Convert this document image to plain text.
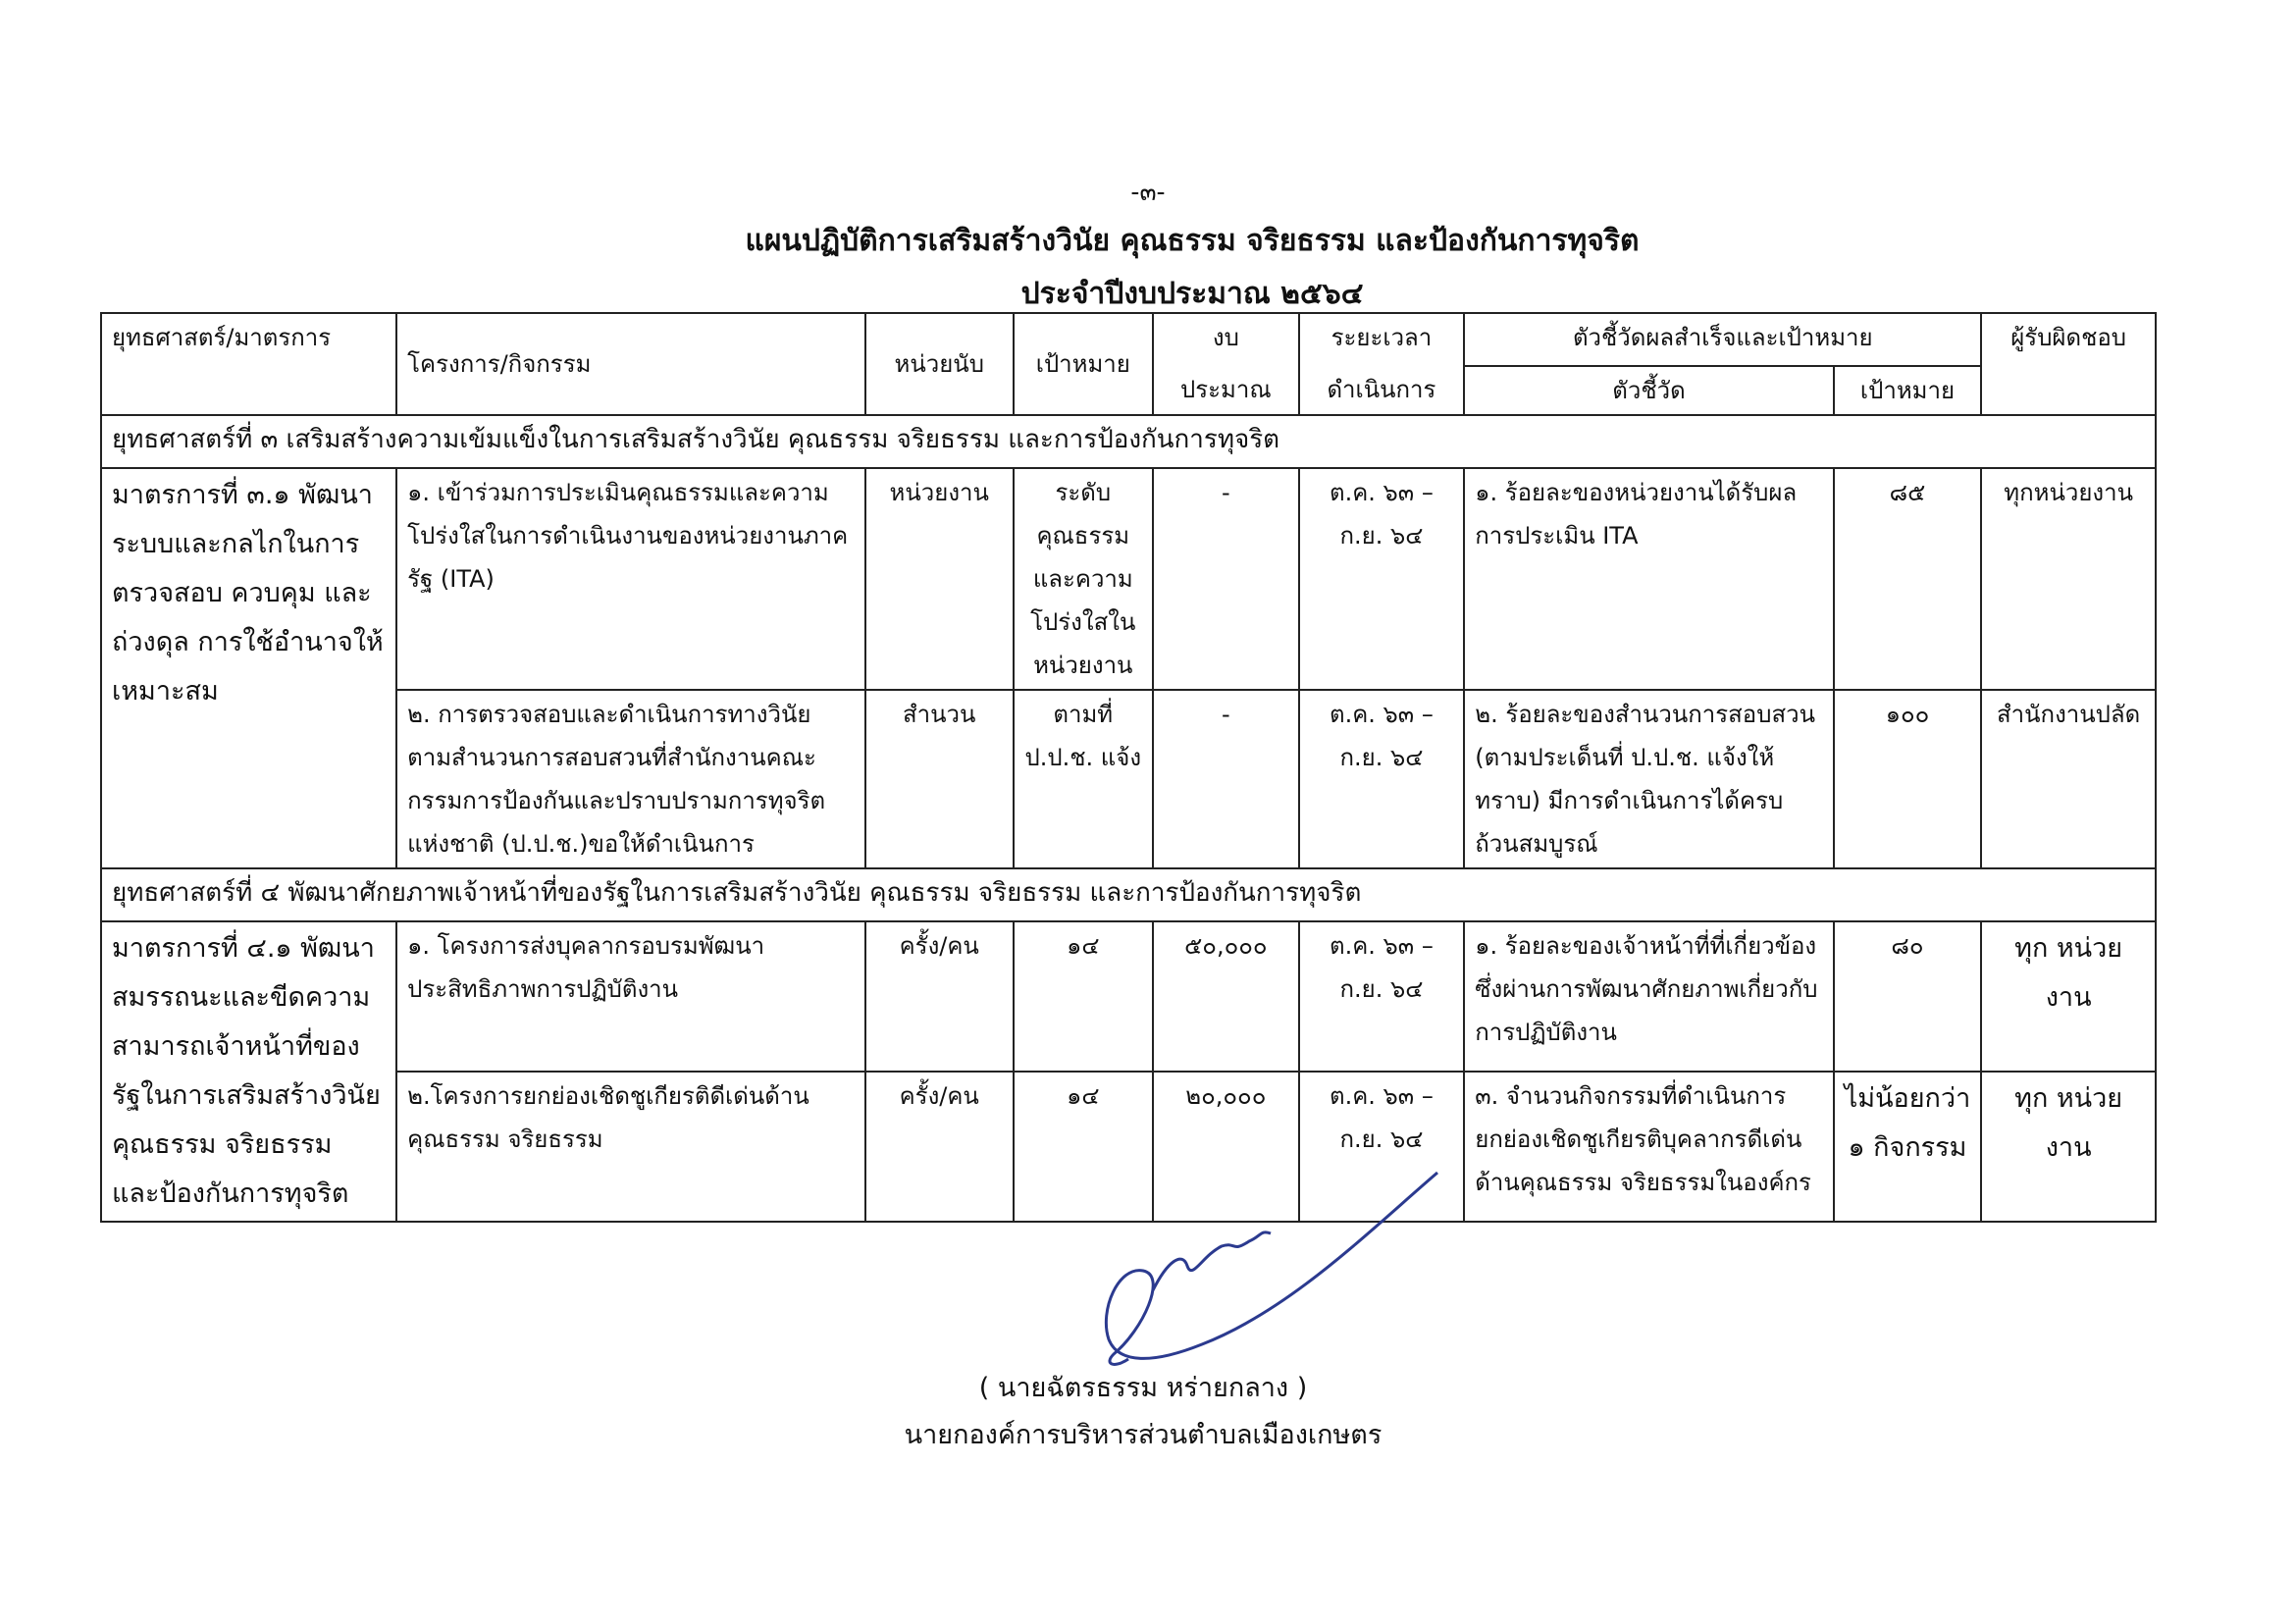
-๓-
แผนปฏิบัติการเสริมสร้างวินัย คุณธรรม จริยธรรม และป้องกันการทุจริต
ประจำปีงบประมาณ ๒๕๖๔
ยุทธศาสตร์/มาตรการ	โครงการ/กิจกรรม	หน่วยนับ	เป้าหมาย	งบ	ระยะเวลา	ตัวชี้วัดผลสำเร็จและเป้าหมาย		ผู้รับผิดชอบ
				ประมาณ	ดำเนินการ	ตัวชี้วัด	เป้าหมาย	
ยุทธศาสตร์ที่ ๓ เสริมสร้างความเข้มแข็งในการเสริมสร้างวินัย คุณธรรม จริยธรรม และการป้องกันการทุจริต								
มาตรการที่ ๓.๑ พัฒนาระบบและกลไกในการตรวจสอบ ควบคุม และ ถ่วงดุล การใช้อำนาจให้เหมาะสม	๑. เข้าร่วมการประเมินคุณธรรมและความโปร่งใสในการดำเนินงานของหน่วยงานภาครัฐ (ITA)	หน่วยงาน	ระดับคุณธรรมและความโปร่งใสในหน่วยงาน	-	ต.ค. ๖๓ – ก.ย. ๖๔	๑. ร้อยละของหน่วยงานได้รับผลการประเมิน ITA	๘๕	ทุกหน่วยงาน
	๒. การตรวจสอบและดำเนินการทางวินัยตามสำนวนการสอบสวนที่สำนักงานคณะกรรมการป้องกันและปราบปรามการทุจริตแห่งชาติ (ป.ป.ช.)ขอให้ดำเนินการ	สำนวน	ตามที่ ป.ป.ช. แจ้ง	-	ต.ค. ๖๓ – ก.ย. ๖๔	๒. ร้อยละของสำนวนการสอบสวน (ตามประเด็นที่ ป.ป.ช. แจ้งให้ทราบ) มีการดำเนินการได้ครบถ้วนสมบูรณ์	๑๐๐	สำนักงานปลัด
ยุทธศาสตร์ที่ ๔ พัฒนาศักยภาพเจ้าหน้าที่ของรัฐในการเสริมสร้างวินัย คุณธรรม จริยธรรม และการป้องกันการทุจริต								
มาตรการที่ ๔.๑ พัฒนาสมรรถนะและขีดความสามารถเจ้าหน้าที่ของรัฐในการเสริมสร้างวินัยคุณธรรม จริยธรรม และป้องกันการทุจริต	๑. โครงการส่งบุคลากรอบรมพัฒนาประสิทธิภาพการปฏิบัติงาน	ครั้ง/คน	๑๔	๕๐,๐๐๐	ต.ค. ๖๓ – ก.ย. ๖๔	๑. ร้อยละของเจ้าหน้าที่ที่เกี่ยวข้องซึ่งผ่านการพัฒนาศักยภาพเกี่ยวกับการปฏิบัติงาน	๘๐	ทุก หน่วยงาน
	๒.โครงการยกย่องเชิดชูเกียรติดีเด่นด้านคุณธรรม จริยธรรม	ครั้ง/คน	๑๔	๒๐,๐๐๐	ต.ค. ๖๓ – ก.ย. ๖๔	๓. จำนวนกิจกรรมที่ดำเนินการยกย่องเชิดชูเกียรติบุคลากรดีเด่นด้านคุณธรรม จริยธรรมในองค์กร	ไม่น้อยกว่า ๑ กิจกรรม	ทุก หน่วยงาน
( นายฉัตรธรรม หร่ายกลาง )
นายกองค์การบริหารส่วนตำบลเมืองเกษตร
